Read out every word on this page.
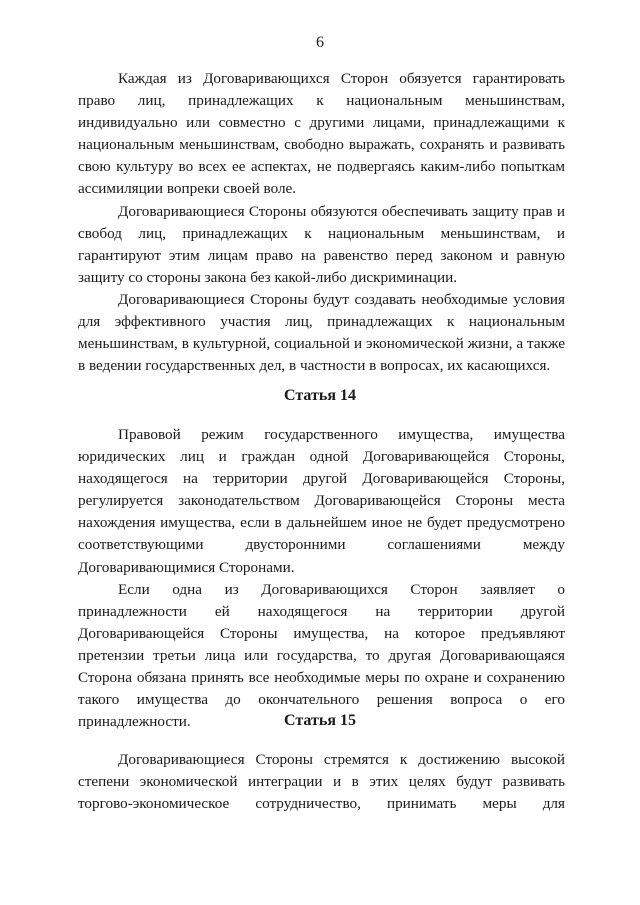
6

Каждая из Договаривающихся Сторон обязуется гарантировать право лиц, принадлежащих к национальным меньшинствам, индивидуально или совместно с другими лицами, принадлежащими к национальным меньшинствам, свободно выражать, сохранять и развивать свою культуру во всех ее аспектах, не подвергаясь каким-либо попыткам ассимиляции вопреки своей воле.

Договаривающиеся Стороны обязуются обеспечивать защиту прав и свобод лиц, принадлежащих к национальным меньшинствам, и гарантируют этим лицам право на равенство перед законом и равную защиту со стороны закона без какой-либо дискриминации.

Договаривающиеся Стороны будут создавать необходимые условия для эффективного участия лиц, принадлежащих к национальным меньшинствам, в культурной, социальной и экономической жизни, а также в ведении государственных дел, в частности в вопросах, их касающихся.

Статья 14

Правовой режим государственного имущества, имущества юридических лиц и граждан одной Договаривающейся Стороны, находящегося на территории другой Договаривающейся Стороны, регулируется законодательством Договаривающейся Стороны места нахождения имущества, если в дальнейшем иное не будет предусмотрено соответствующими двусторонними соглашениями между Договаривающимися Сторонами.

Если одна из Договаривающихся Сторон заявляет о принадлежности ей находящегося на территории другой Договаривающейся Стороны имущества, на которое предъявляют претензии третьи лица или государства, то другая Договаривающаяся Сторона обязана принять все необходимые меры по охране и сохранению такого имущества до окончательного решения вопроса о его принадлежности.	Статья 15

Договаривающиеся Стороны стремятся к достижению высокой степени экономической интеграции и в этих целях будут развивать торгово-экономическое сотрудничество, принимать меры для
